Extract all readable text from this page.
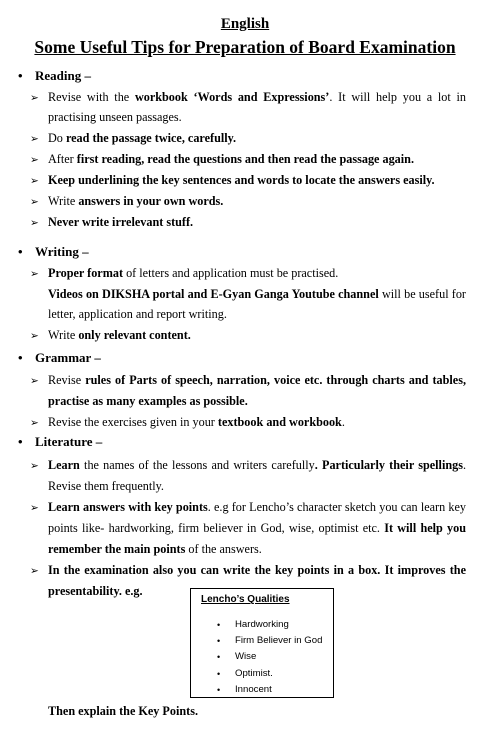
English
Some Useful Tips for Preparation of Board Examination
• Reading –
➢ Revise with the workbook ‘Words and Expressions’. It will help you a lot in
practising unseen passages.
➢ Do read the passage twice, carefully.
➢ After first reading, read the questions and then read the passage again.
➢ Keep underlining the key sentences and words to locate the answers easily.
➢ Write answers in your own words.
➢ Never write irrelevant stuff.
• Writing –
➢ Proper format of letters and application must be practised.
Videos on DIKSHA portal and E-Gyan Ganga Youtube channel will be useful for
letter, application and report writing.
➢ Write only relevant content.
• Grammar –
➢ Revise rules of Parts of speech, narration, voice etc. through charts and tables,
practise as many examples as possible.
➢ Revise the exercises given in your textbook and workbook.
• Literature –
➢ Learn the names of the lessons and writers carefully. Particularly their spellings.
Revise them frequently.
➢ Learn answers with key points. e.g for Lencho’s character sketch you can learn key
points like- hardworking, firm believer in God, wise, optimist etc. It will help you
remember the main points of the answers.
➢ In the examination also you can write the key points in a box. It improves the
presentability. e.g.
Lencho’s Qualities
• Hardworking
• Firm Believer in God
• Wise
• Optimist.
• Innocent
Then explain the Key Points.
